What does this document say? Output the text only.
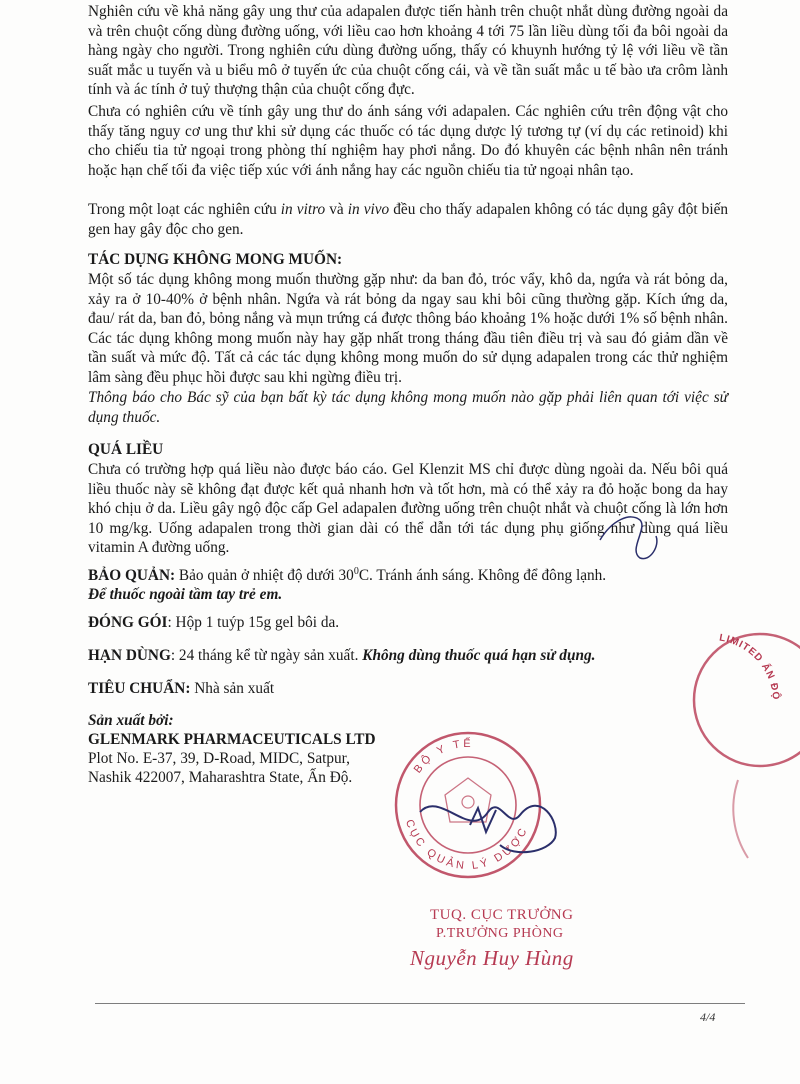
Nghiên cứu về khả năng gây ung thư của adapalen được tiến hành trên chuột nhắt dùng đường ngoài da và trên chuột cống dùng đường uống, với liều cao hơn khoảng 4 tới 75 lần liều dùng tối đa bôi ngoài da hàng ngày cho người. Trong nghiên cứu dùng đường uống, thấy có khuynh hướng tỷ lệ với liều về tần suất mắc u tuyến và u biểu mô ở tuyến ức của chuột cống cái, và về tần suất mắc u tế bào ưa crôm lành tính và ác tính ở tuỷ thượng thận của chuột cống đực.

Chưa có nghiên cứu về tính gây ung thư do ánh sáng với adapalen. Các nghiên cứu trên động vật cho thấy tăng nguy cơ ung thư khi sử dụng các thuốc có tác dụng dược lý tương tự (ví dụ các retinoid) khi cho chiếu tia tử ngoại trong phòng thí nghiệm hay phơi nắng. Do đó khuyên các bệnh nhân nên tránh hoặc hạn chế tối đa việc tiếp xúc với ánh nắng hay các nguồn chiếu tia tử ngoại nhân tạo.

Trong một loạt các nghiên cứu in vitro và in vivo đều cho thấy adapalen không có tác dụng gây đột biến gen hay gây độc cho gen.

TÁC DỤNG KHÔNG MONG MUỐN:

Một số tác dụng không mong muốn thường gặp như: da ban đỏ, tróc vẩy, khô da, ngứa và rát bỏng da, xảy ra ở 10-40% ở bệnh nhân. Ngứa và rát bỏng da ngay sau khi bôi cũng thường gặp. Kích ứng da, đau/ rát da, ban đỏ, bỏng nắng và mụn trứng cá được thông báo khoảng 1% hoặc dưới 1% số bệnh nhân. Các tác dụng không mong muốn này hay gặp nhất trong tháng đầu tiên điều trị và sau đó giảm dần về tần suất và mức độ. Tất cả các tác dụng không mong muốn do sử dụng adapalen trong các thử nghiệm lâm sàng đều phục hồi được sau khi ngừng điều trị.

Thông báo cho Bác sỹ của bạn bất kỳ tác dụng không mong muốn nào gặp phải liên quan tới việc sử dụng thuốc.

QUÁ LIỀU

Chưa có trường hợp quá liều nào được báo cáo. Gel Klenzit MS chỉ được dùng ngoài da. Nếu bôi quá liều thuốc này sẽ không đạt được kết quả nhanh hơn và tốt hơn, mà có thể xảy ra đỏ hoặc bong da hay khó chịu ở da. Liều gây ngộ độc cấp Gel adapalen đường uống trên chuột nhắt và chuột cống là lớn hơn 10 mg/kg. Uống adapalen trong thời gian dài có thể dẫn tới tác dụng phụ giống như dùng quá liều vitamin A đường uống.

BẢO QUẢN: Bảo quản ở nhiệt độ dưới $30^0C$. Tránh ánh sáng. Không để đông lạnh.
Để thuốc ngoài tầm tay trẻ em.
ĐÓNG GÓI: Hộp 1 tuýp 15g gel bôi da.
HẠN DÙNG: 24 tháng kể từ ngày sản xuất. Không dùng thuốc quá hạn sử dụng.
TIÊU CHUẨN: Nhà sản xuất
Sản xuất bởi:
GLENMARK PHARMACEUTICALS LTD
Plot No. E-37, 39, D-Road, MIDC, Satpur,
Nashik 422007, Maharashtra State, Ấn Độ.
BỘ Y TẾ
CỤC QUẢN LÝ DƯỢC
LIMITED ẤN ĐỘ
TUQ. CỤC TRƯỞNG
P.TRƯỞNG PHÒNG
Nguyễn Huy Hùng
4/4
